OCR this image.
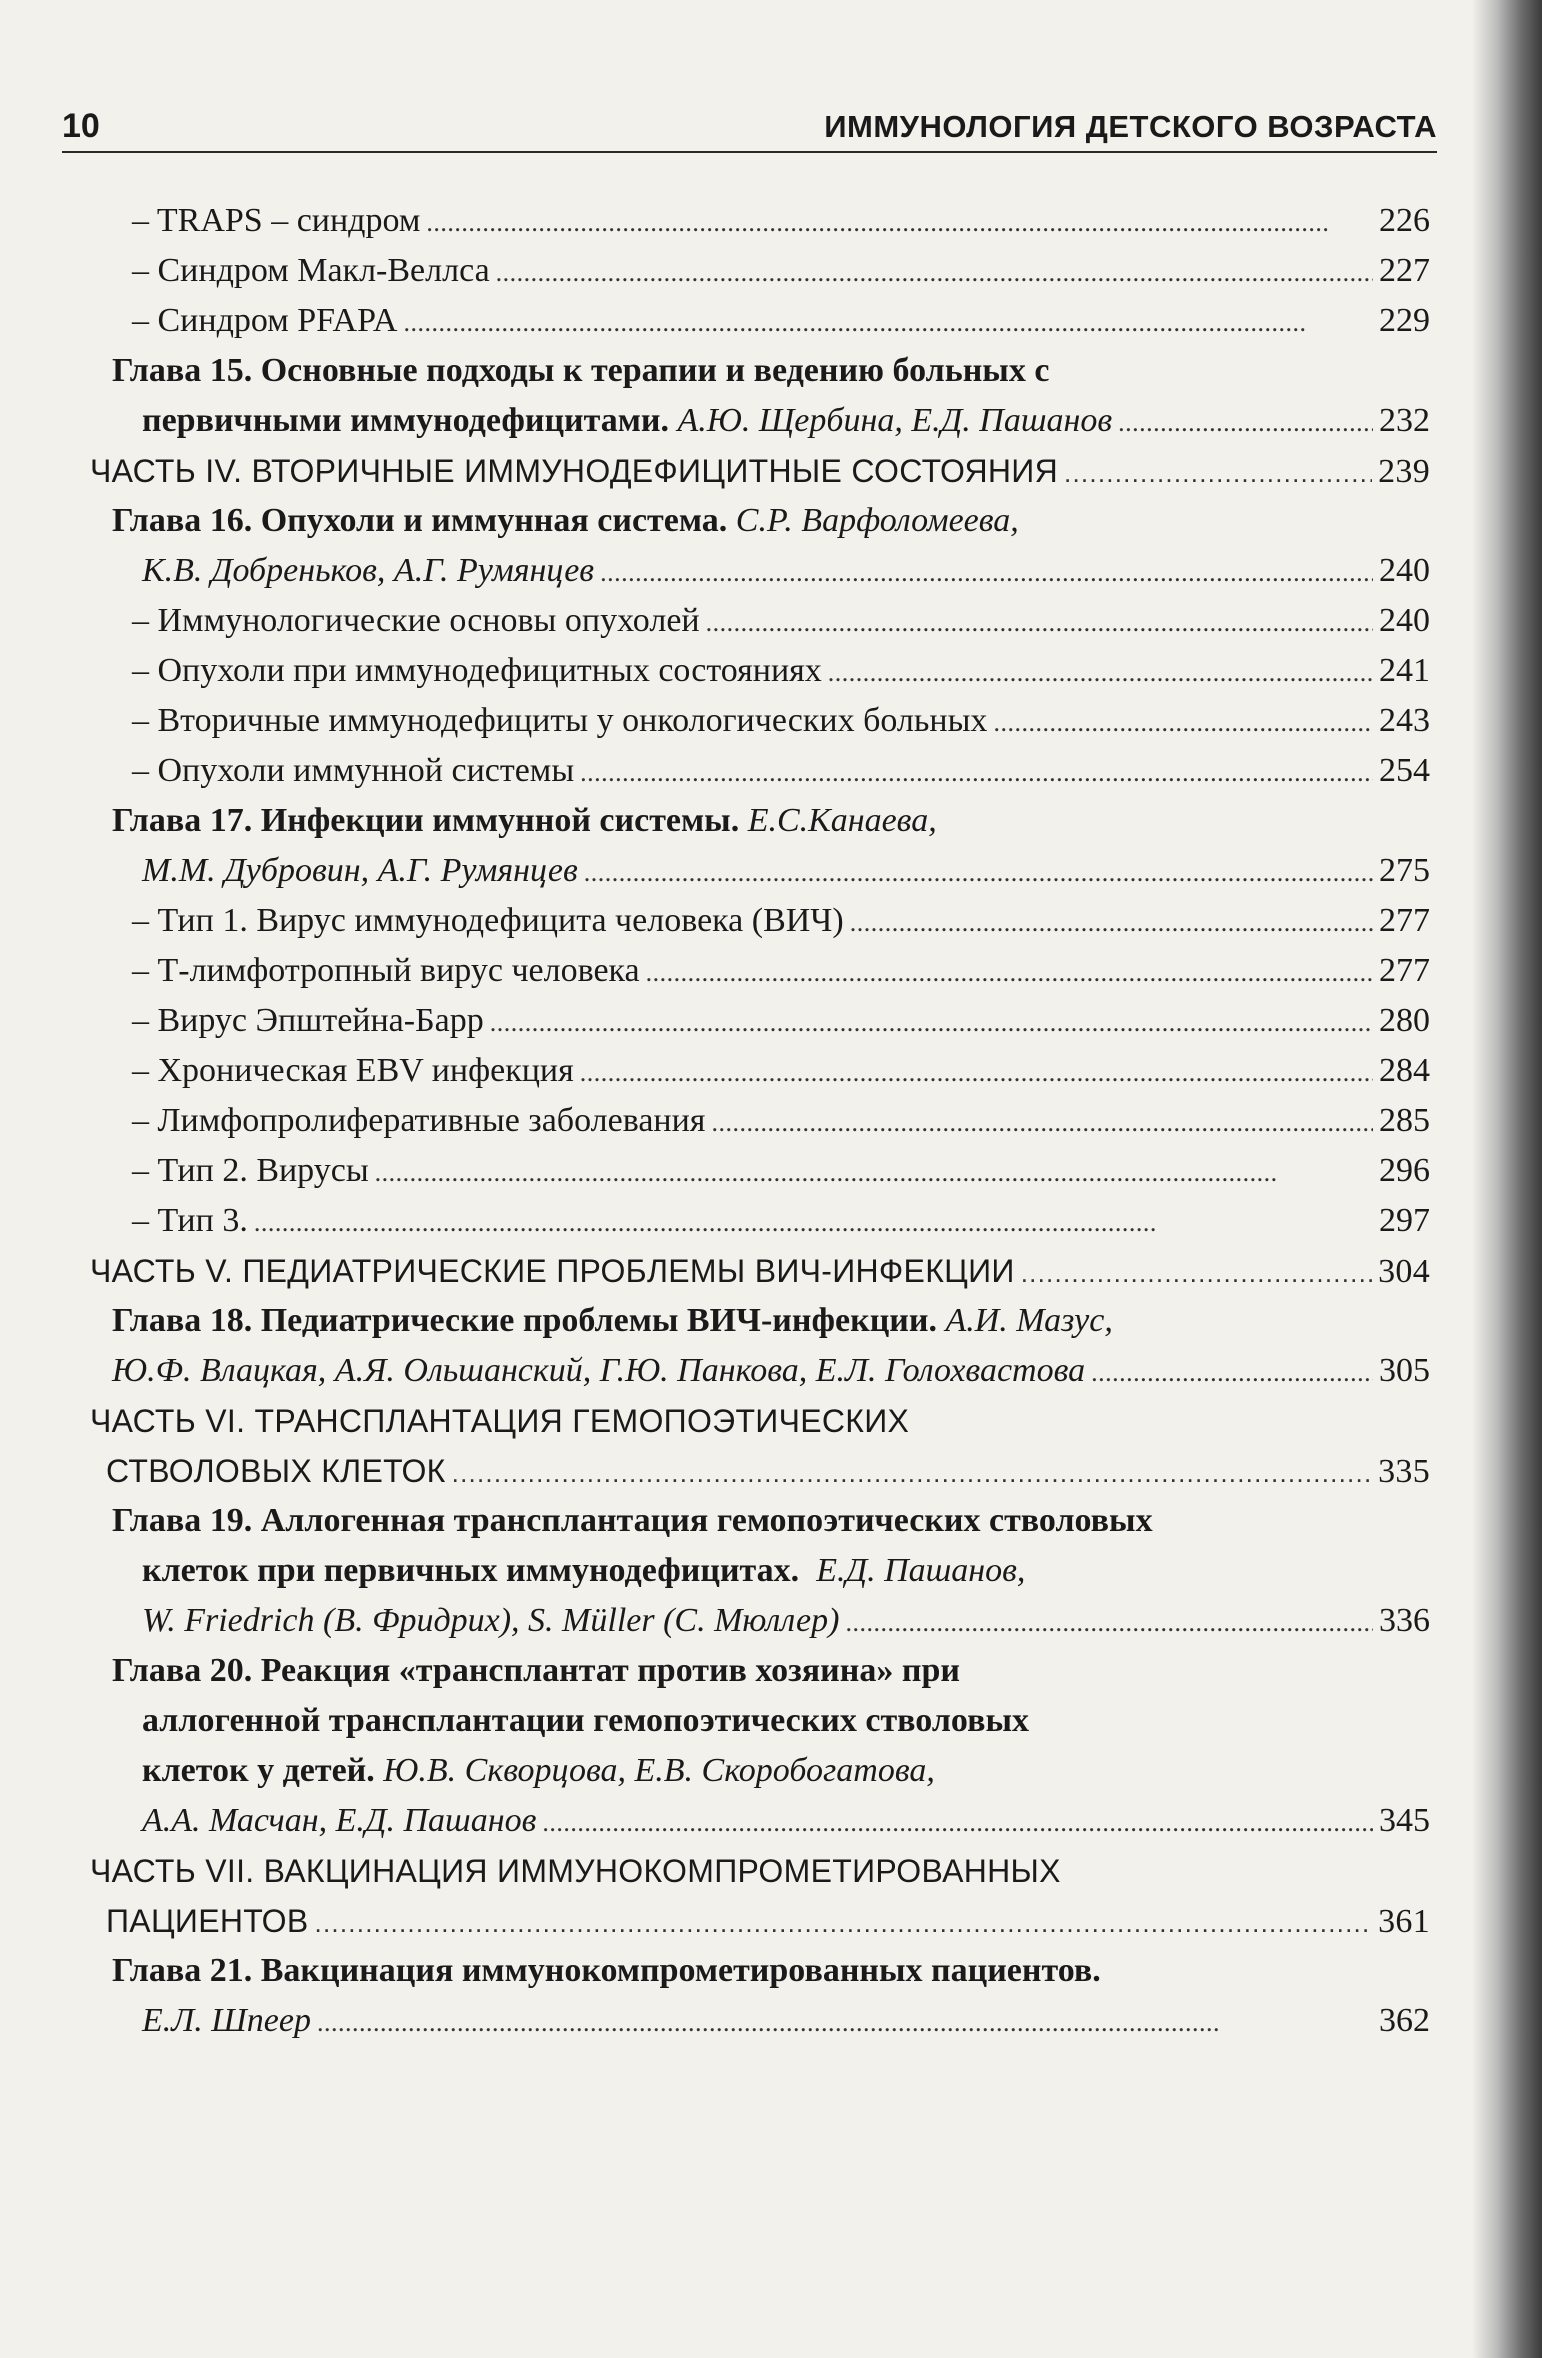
10	ИММУНОЛОГИЯ ДЕТСКОГО ВОЗРАСТА
– TRAPS – синдром . . .	226
– Синдром Макл-Веллса . . .	227
– Синдром PFAPA . . .	229
Глава 15.
Основные подходы к терапии и ведению больных с
первичными иммунодефицитами.
А.Ю. Щербина, Е.Д. Пашанов . . .	232
ЧАСТЬ IV. ВТОРИЧНЫЕ ИММУНОДЕФИЦИТНЫЕ СОСТОЯНИЯ . . .	239
Глава 16.
Опухоли и иммунная система.
С.Р. Варфоломеева,
К.В. Добреньков, А.Г. Румянцев . . .	240
– Иммунологические основы опухолей . . .	240
– Опухоли при иммунодефицитных состояниях . . .	241
– Вторичные иммунодефициты у онкологических больных . . .	243
– Опухоли иммунной системы . . .	254
Глава 17.
Инфекции иммунной системы.
Е.С.Канаева,
М.М. Дубровин, А.Г. Румянцев . . .	275
– Тип 1. Вирус иммунодефицита человека (ВИЧ) . . .	277
– Т-лимфотропный вирус человека . . .	277
– Вирус Эпштейна-Барр . . .	280
– Хроническая EBV инфекция . . .	284
– Лимфопролиферативные заболевания . . .	285
– Тип 2. Вирусы . . .	296
– Тип 3. . . .	297
ЧАСТЬ V. ПЕДИАТРИЧЕСКИЕ ПРОБЛЕМЫ ВИЧ-ИНФЕКЦИИ . . .	304
Глава 18.
Педиатрические проблемы ВИЧ-инфекции.
А.И. Мазус,
Ю.Ф. Влацкая, А.Я. Ольшанский, Г.Ю. Панкова, Е.Л. Голохвастова . . .	305
ЧАСТЬ VI. ТРАНСПЛАНТАЦИЯ ГЕМОПОЭТИЧЕСКИХ
СТВОЛОВЫХ КЛЕТОК . . .	335
Глава 19.
Аллогенная трансплантация гемопоэтических стволовых
клеток при первичных иммунодефицитах.
Е.Д. Пашанов,
W. Friedrich (В. Фридрих), S. Müller (С. Мюллер) . . .	336
Глава 20.
Реакция «трансплантат против хозяина» при
аллогенной трансплантации гемопоэтических стволовых
клеток у детей.
Ю.В. Скворцова, Е.В. Скоробогатова,
А.А. Масчан, Е.Д. Пашанов . . .	345
ЧАСТЬ VII. ВАКЦИНАЦИЯ ИММУНОКОМПРОМЕТИРОВАННЫХ
ПАЦИЕНТОВ . . .	361
Глава 21.
Вакцинация иммунокомпрометированных пациентов.
Е.Л. Шпеер . . .	362
